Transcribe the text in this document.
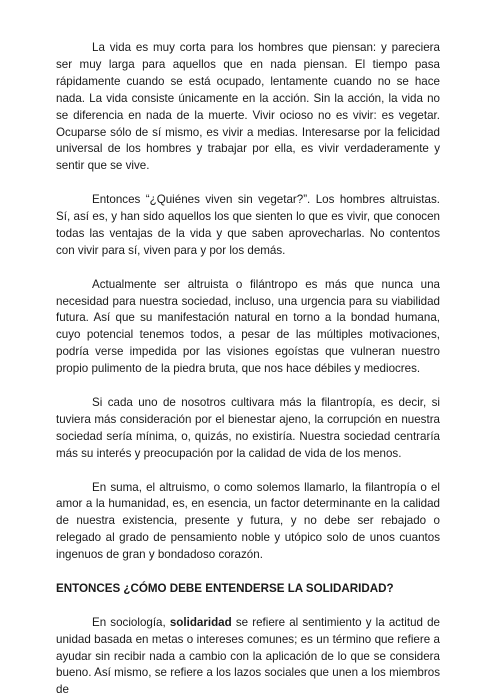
La vida es muy corta para los hombres que piensan: y pareciera ser muy larga para aquellos que en nada piensan. El tiempo pasa rápidamente cuando se está ocupado, lentamente cuando no se hace nada. La vida consiste únicamente en la acción. Sin la acción, la vida no se diferencia en nada de la muerte. Vivir ocioso no es vivir: es vegetar. Ocuparse sólo de sí mismo, es vivir a medias. Interesarse por la felicidad universal de los hombres y trabajar por ella, es vivir verdaderamente y sentir que se vive.

Entonces “¿Quiénes viven sin vegetar?”. Los hombres altruistas. Sí, así es, y han sido aquellos los que sienten lo que es vivir, que conocen todas las ventajas de la vida y que saben aprovecharlas. No contentos con vivir para sí, viven para y por los demás.

Actualmente ser altruista o filántropo es más que nunca una necesidad para nuestra sociedad, incluso, una urgencia para su viabilidad futura. Así que su manifestación natural en torno a la bondad humana, cuyo potencial tenemos todos, a pesar de las múltiples motivaciones, podría verse impedida por las visiones egoístas que vulneran nuestro propio pulimento de la piedra bruta, que nos hace débiles y mediocres.

Si cada uno de nosotros cultivara más la filantropía, es decir, si tuviera más consideración por el bienestar ajeno, la corrupción en nuestra sociedad sería mínima, o, quizás, no existiría. Nuestra sociedad centraría más su interés y preocupación por la calidad de vida de los menos.

En suma, el altruismo, o como solemos llamarlo, la filantropía o el amor a la humanidad, es, en esencia, un factor determinante en la calidad de nuestra existencia, presente y futura, y no debe ser rebajado o relegado al grado de pensamiento noble y utópico solo de unos cuantos ingenuos de gran y bondadoso corazón.

ENTONCES ¿CÓMO DEBE ENTENDERSE LA SOLIDARIDAD?

En sociología, solidaridad se refiere al sentimiento y la actitud de unidad basada en metas o intereses comunes; es un término que refiere a ayudar sin recibir nada a cambio con la aplicación de lo que se considera bueno. Así mismo, se refiere a los lazos sociales que unen a los miembros de
